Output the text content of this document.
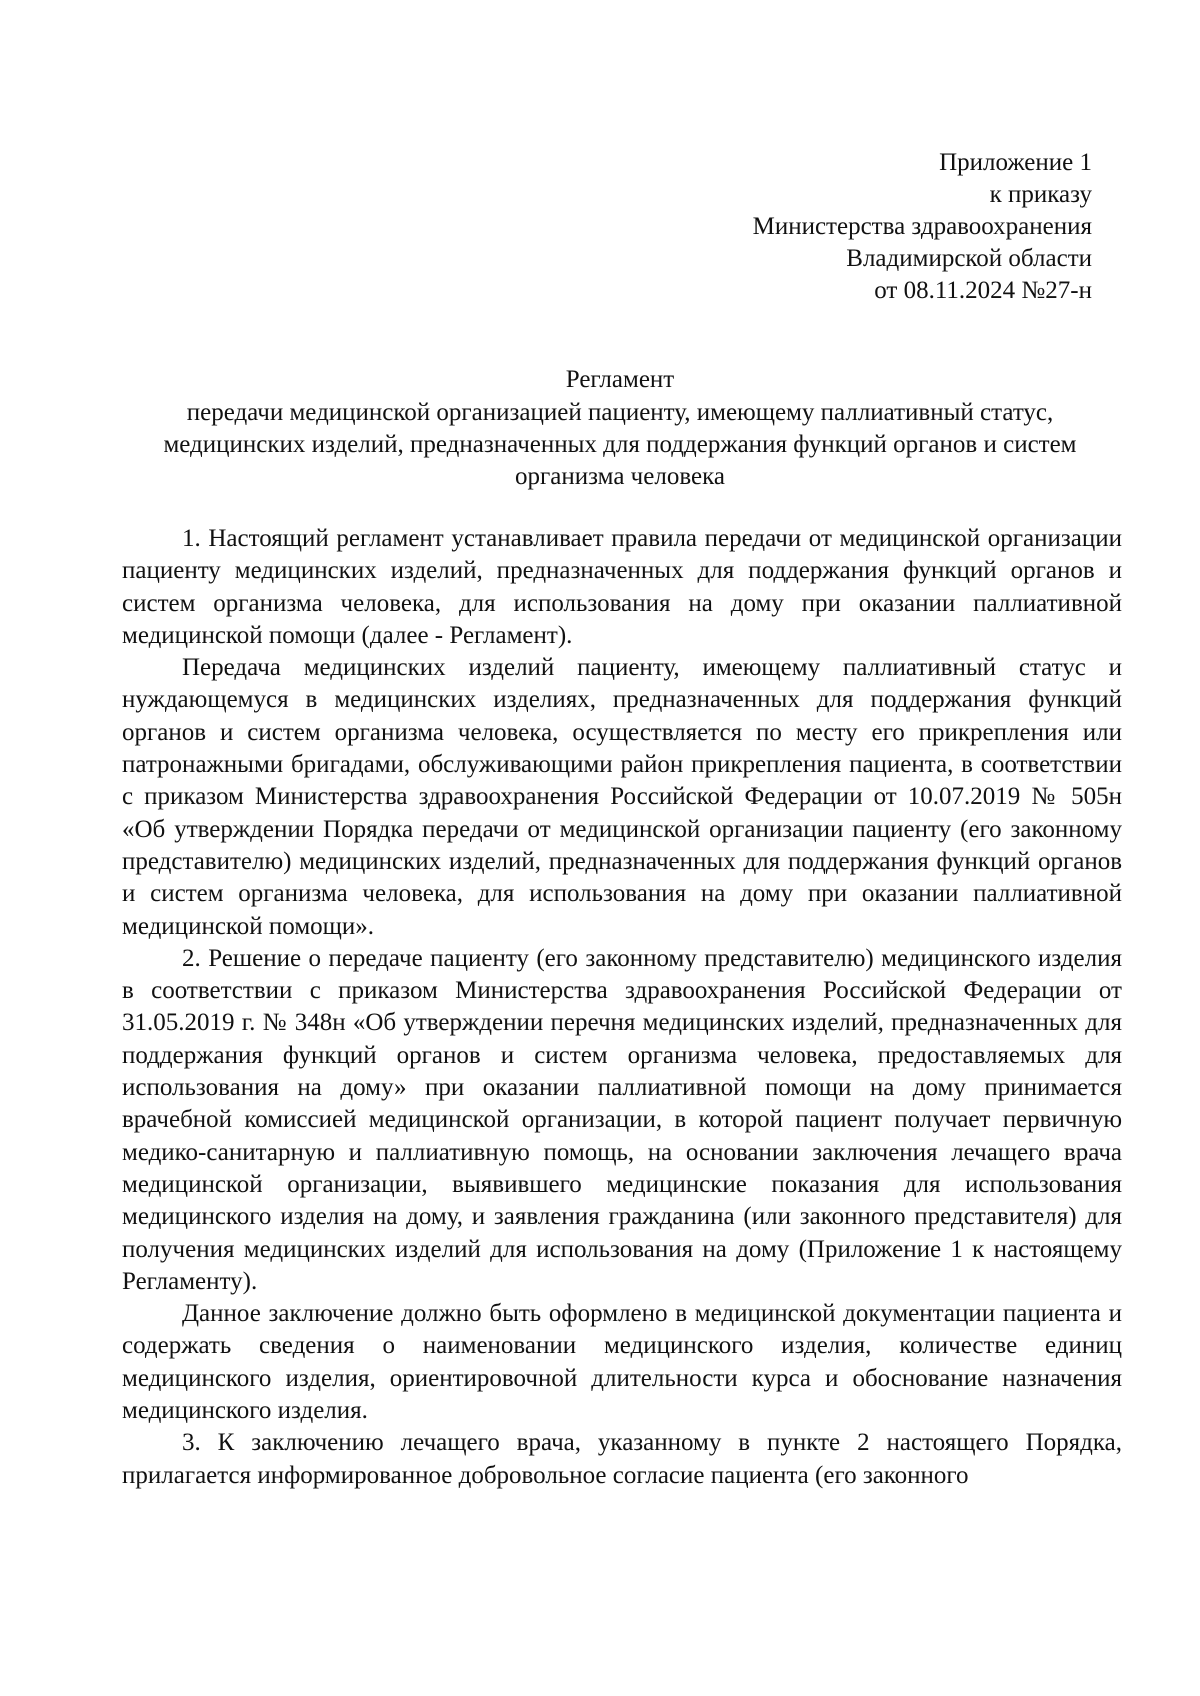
Приложение 1
к приказу
Министерства здравоохранения
Владимирской области
от 08.11.2024 №27-н
Регламент
передачи медицинской организацией пациенту, имеющему паллиативный статус, медицинских изделий, предназначенных для поддержания функций органов и систем организма человека

1. Настоящий регламент устанавливает правила передачи от медицинской организации пациенту медицинских изделий, предназначенных для поддержания функций органов и систем организма человека, для использования на дому при оказании паллиативной медицинской помощи (далее - Регламент).

Передача медицинских изделий пациенту, имеющему паллиативный статус и нуждающемуся в медицинских изделиях, предназначенных для поддержания функций органов и систем организма человека, осуществляется по месту его прикрепления или патронажными бригадами, обслуживающими район прикрепления пациента, в соответствии с приказом Министерства здравоохранения Российской Федерации от 10.07.2019 № 505н «Об утверждении Порядка передачи от медицинской организации пациенту (его законному представителю) медицинских изделий, предназначенных для поддержания функций органов и систем организма человека, для использования на дому при оказании паллиативной медицинской помощи».

2. Решение о передаче пациенту (его законному представителю) медицинского изделия в соответствии с приказом Министерства здравоохранения Российской Федерации от 31.05.2019 г. № 348н «Об утверждении перечня медицинских изделий, предназначенных для поддержания функций органов и систем организма человека, предоставляемых для использования на дому» при оказании паллиативной помощи на дому принимается врачебной комиссией медицинской организации, в которой пациент получает первичную медико-санитарную и паллиативную помощь, на основании заключения лечащего врача медицинской организации, выявившего медицинские показания для использования медицинского изделия на дому, и заявления гражданина (или законного представителя) для получения медицинских изделий для использования на дому (Приложение 1 к настоящему Регламенту).

Данное заключение должно быть оформлено в медицинской документации пациента и содержать сведения о наименовании медицинского изделия, количестве единиц медицинского изделия, ориентировочной длительности курса и обоснование назначения медицинского изделия.

3. К заключению лечащего врача, указанному в пункте 2 настоящего Порядка, прилагается информированное добровольное согласие пациента (его законного
